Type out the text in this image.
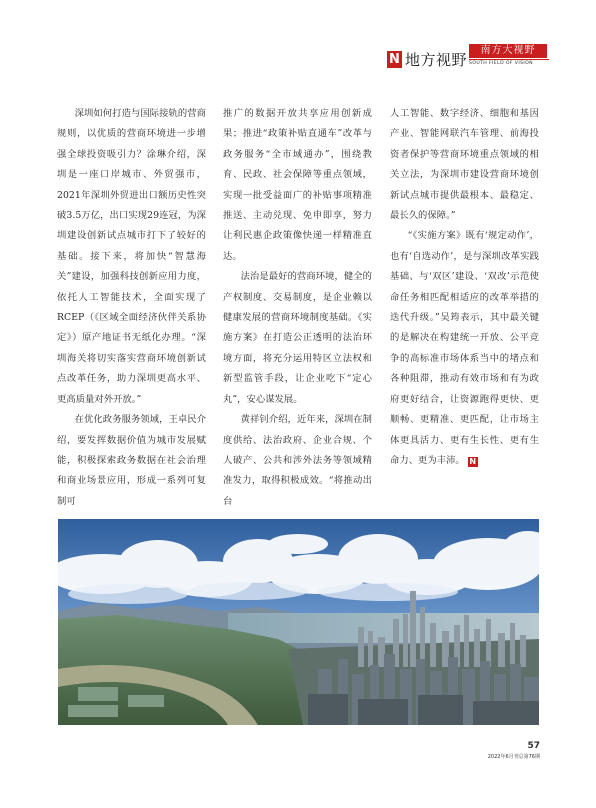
N 地方视野
南方大视野
SOUTH FIELD OF VISION

深圳如何打造与国际接轨的营商规则，以优质的营商环境进一步增强全球投资吸引力？涂琳介绍，深圳是一座口岸城市、外贸强市，2021年深圳外贸进出口额历史性突破3.5万亿，出口实现29连冠，为深圳建设创新试点城市打下了较好的基础。接下来，将加快“智慧海关”建设，加强科技创新应用力度，依托人工智能技术，全面实现了RCEP（《区域全面经济伙伴关系协定》）原产地证书无纸化办理。“深圳海关将切实落实营商环境创新试点改革任务，助力深圳更高水平、更高质量对外开放。”

在优化政务服务领域，王卓民介绍，要发挥数据价值为城市发展赋能，积极探索政务数据在社会治理和商业场景应用，形成一系列可复制可

推广的数据开放共享应用创新成果；推进“政策补贴直通车”改革与政务服务“全市域通办”，围绕教育、民政、社会保障等重点领域，实现一批受益面广的补贴事项精准推送、主动兑现、免申即享，努力让利民惠企政策像快递一样精准直达。

法治是最好的营商环境，健全的产权制度、交易制度，是企业赖以健康发展的营商环境制度基础。《实施方案》在打造公正透明的法治环境方面，将充分运用特区立法权和新型监管手段，让企业吃下“定心丸”，安心谋发展。

黄祥钊介绍，近年来，深圳在制度供给、法治政府、企业合规、个人破产、公共和涉外法务等领域精准发力，取得积极成效。“将推动出台

人工智能、数字经济、细胞和基因产业、智能网联汽车管理、前海投资者保护等营商环境重点领域的相关立法，为深圳市建设营商环境创新试点城市提供最根本、最稳定、最长久的保障。”

“《实施方案》既有‘规定动作’，也有‘自选动作’，是与深圳改革实践基础、与‘双区’建设、‘双改’示范使命任务相匹配相适应的改革举措的迭代升级。”吴筠表示，其中最关键的是解决在构建统一开放、公平竞争的高标准市场体系当中的堵点和各种阻滞，推动有效市场和有为政府更好结合，让资源跑得更快、更顺畅、更精准、更匹配，让市场主体更具活力、更有生长性、更有生命力、更为丰沛。 N

57
2022年6月刊总第76期
